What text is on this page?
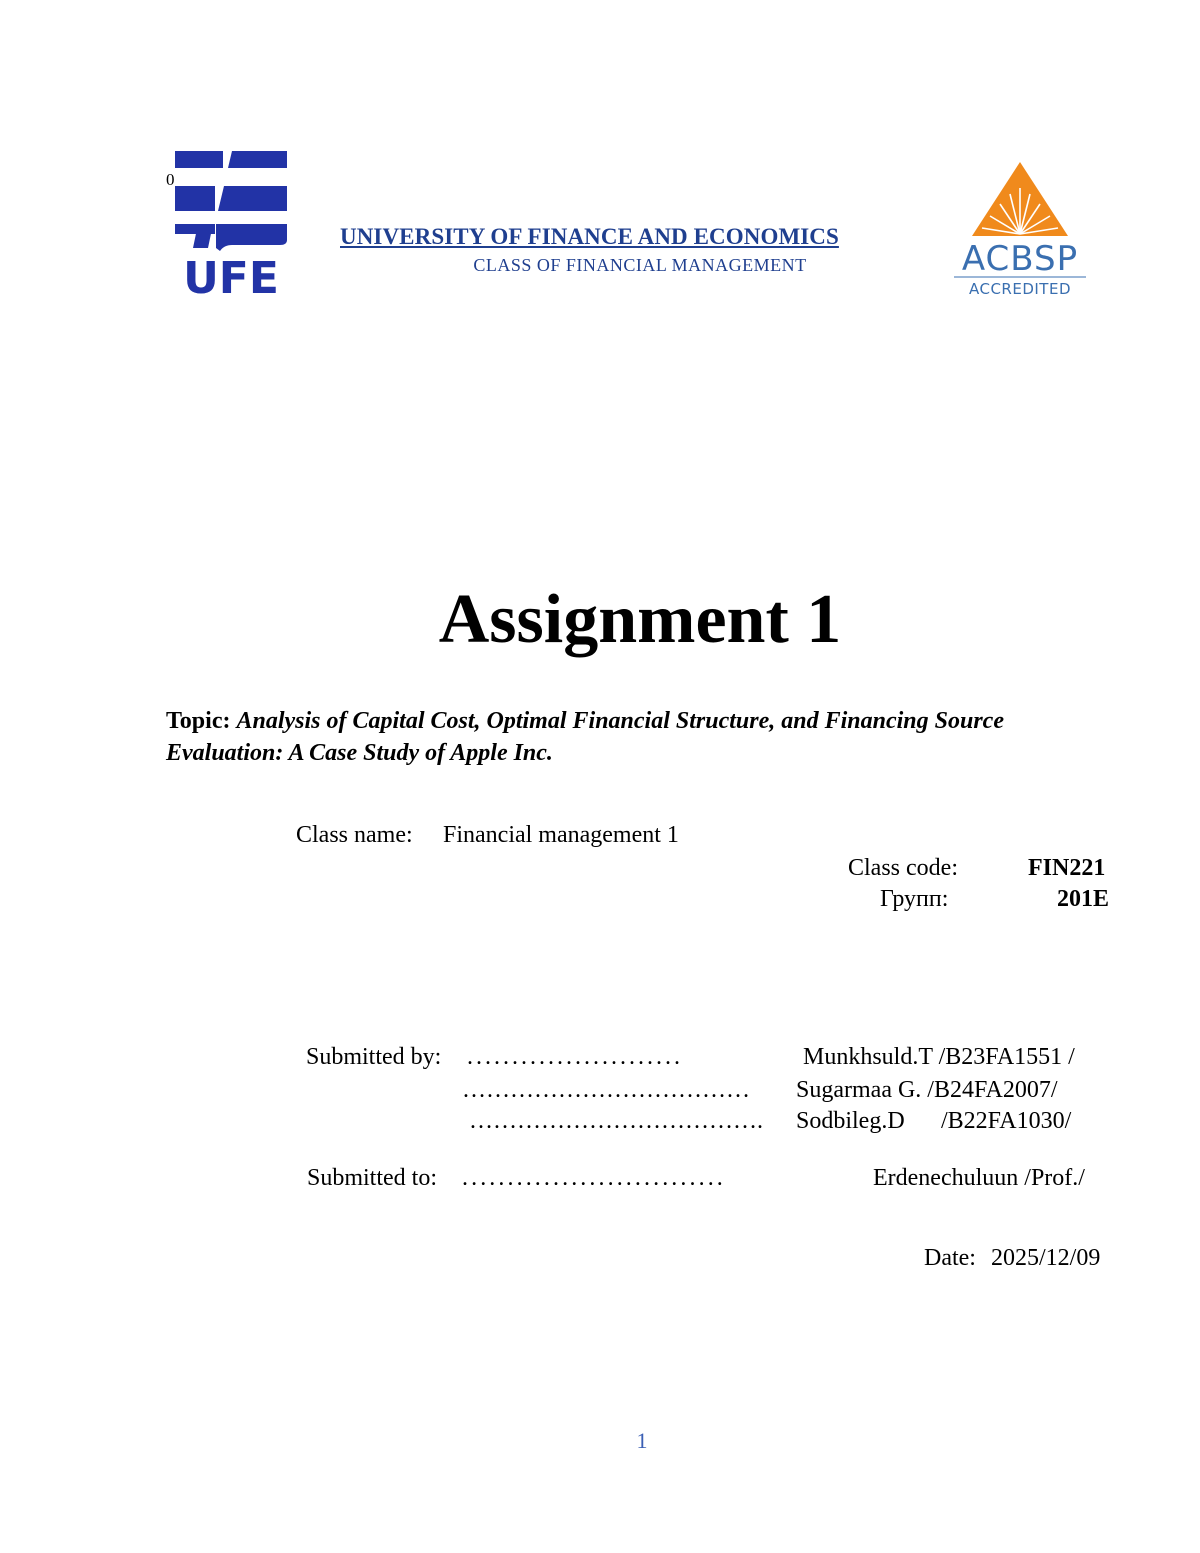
UFE
0
UNIVERSITY OF FINANCE AND ECONOMICS
CLASS OF FINANCIAL MANAGEMENT	ACBSP
ACCREDITED
Assignment 1
Topic: Analysis of Capital Cost, Optimal Financial Structure, and Financing Source Evaluation: A Case Study of Apple Inc.
Class name: Financial management 1
Class code:	FIN221
Групп:	201E
Submitted by: ........................	Munkhsuld.T /B23FA1551 /
……………………………… Sugarmaa G. /B24FA2007/
………………………………. Sodbileg.D /B22FA1030/
Submitted to: .............................	Erdenechuluun /Prof./
Date: 2025/12/09
1
